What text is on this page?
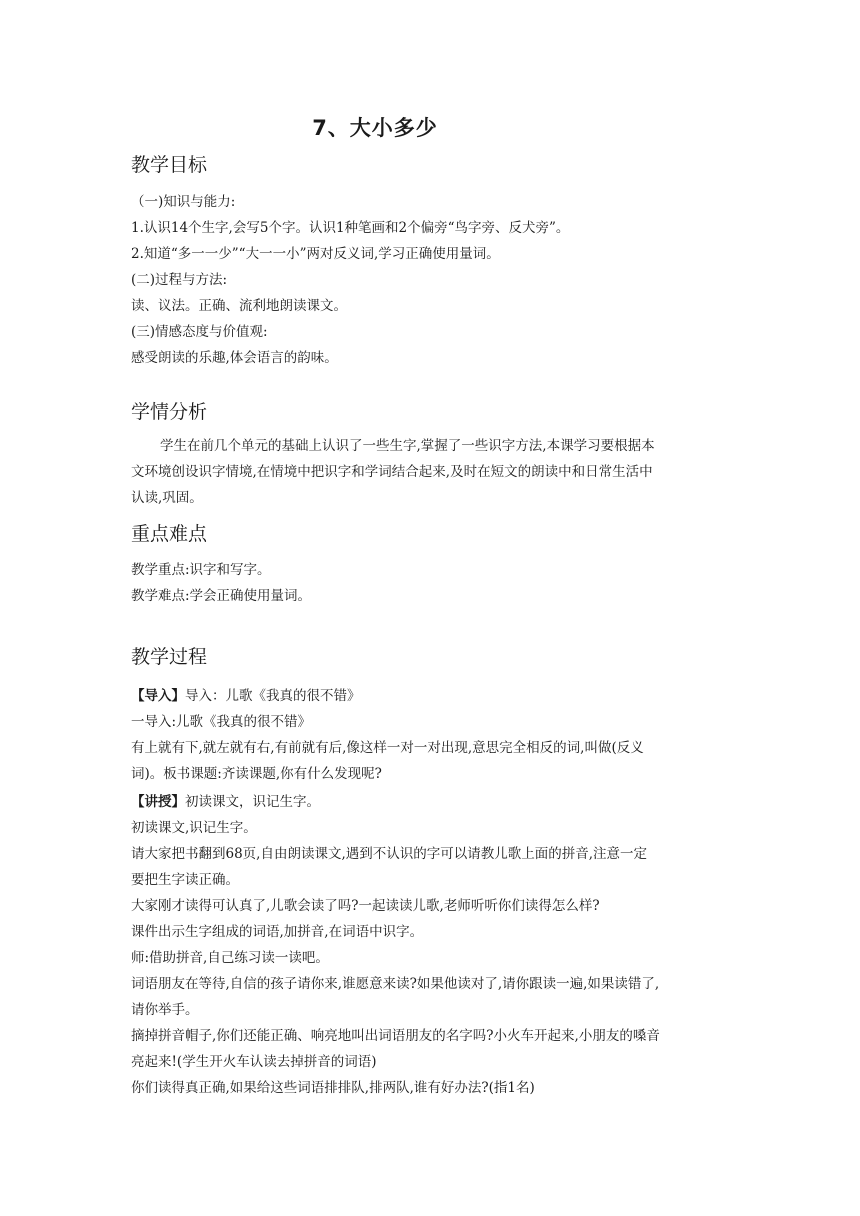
7、大小多少
教学目标
（一)知识与能力:
1.认识14个生字,会写5个字。认识1种笔画和2个偏旁“鸟字旁、反犬旁”。
2.知道“多一一少”“大一一小”两对反义词,学习正确使用量词。
(二)过程与方法:
读、议法。正确、流利地朗读课文。
(三)情感态度与价值观:
感受朗读的乐趣,体会语言的韵味。
学情分析
学生在前几个单元的基础上认识了一些生字,掌握了一些识字方法,本课学习要根据本
文环境创设识字情境,在情境中把识字和学词结合起来,及时在短文的朗读中和日常生活中
认读,巩固。
重点难点
教学重点:识字和写字。
教学难点:学会正确使用量词。
教学过程
【导入】导入：儿歌《我真的很不错》
一导入:儿歌《我真的很不错》
有上就有下,就左就有右,有前就有后,像这样一对一对出现,意思完全相反的词,叫做(反义
词)。板书课题:齐读课题,你有什么发现呢?
【讲授】初读课文，识记生字。
初读课文,识记生字。
请大家把书翻到68页,自由朗读课文,遇到不认识的字可以请教儿歌上面的拼音,注意一定
要把生字读正确。
大家刚才读得可认真了,儿歌会读了吗?一起读读儿歌,老师听听你们读得怎么样?
课件出示生字组成的词语,加拼音,在词语中识字。
师:借助拼音,自己练习读一读吧。
词语朋友在等待,自信的孩子请你来,谁愿意来读?如果他读对了,请你跟读一遍,如果读错了,
请你举手。
摘掉拼音帽子,你们还能正确、响亮地叫出词语朋友的名字吗?小火车开起来,小朋友的嗓音
亮起来!(学生开火车认读去掉拼音的词语)
你们读得真正确,如果给这些词语排排队,排两队,谁有好办法?(指1名)
